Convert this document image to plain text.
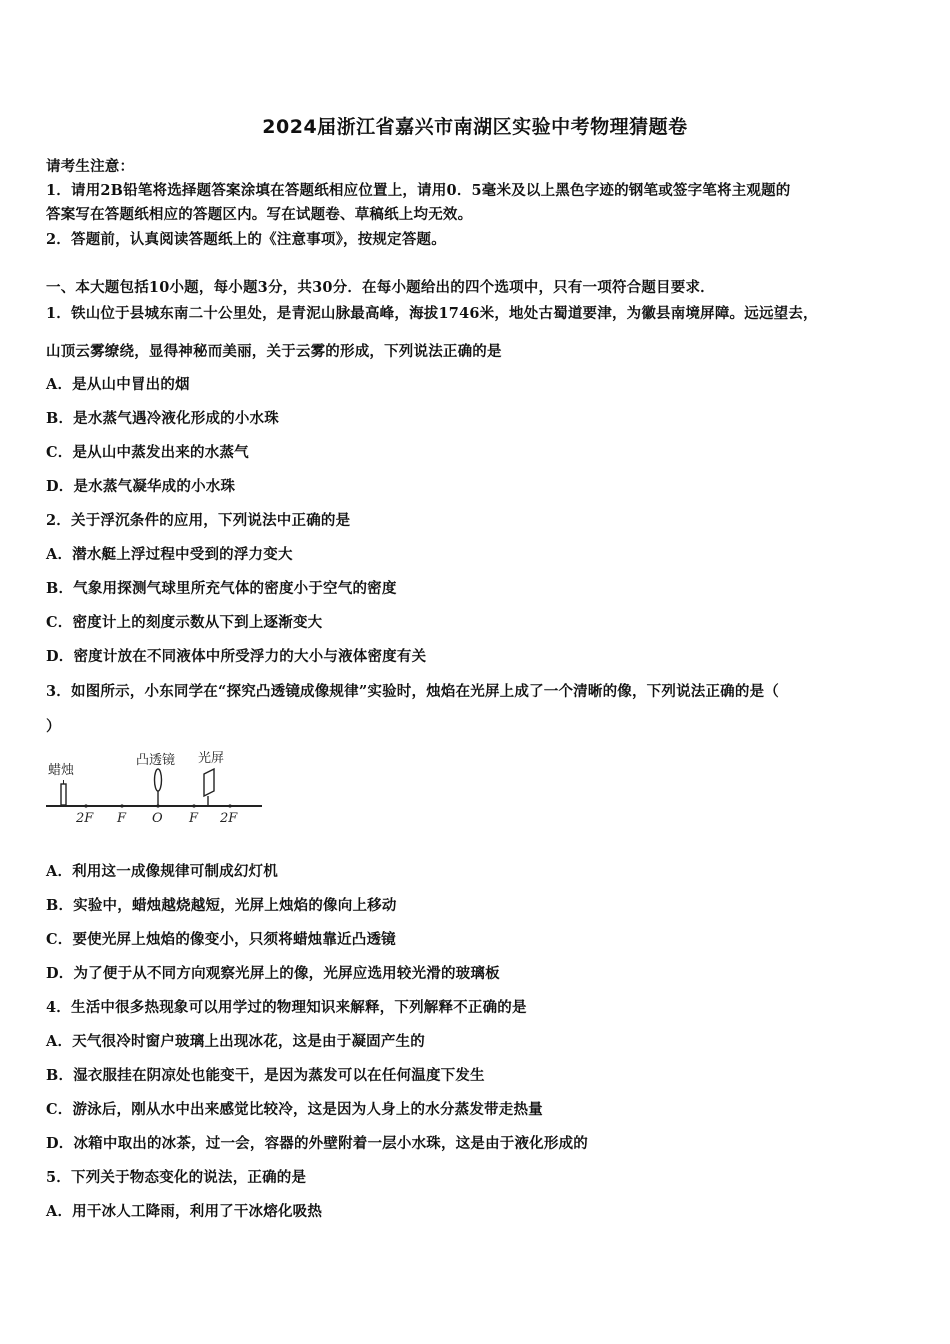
2024届浙江省嘉兴市南湖区实验中考物理猜题卷
请考生注意：
1．请用2B铅笔将选择题答案涂填在答题纸相应位置上，请用0．5毫米及以上黑色字迹的钢笔或签字笔将主观题的
答案写在答题纸相应的答题区内。写在试题卷、草稿纸上均无效。
2．答题前，认真阅读答题纸上的《注意事项》，按规定答题。
一、本大题包括10小题，每小题3分，共30分．在每小题给出的四个选项中，只有一项符合题目要求．
1．铁山位于县城东南二十公里处，是青泥山脉最高峰，海拔1746米，地处古蜀道要津，为徽县南境屏障。远远望去，
山顶云雾缭绕，显得神秘而美丽，关于云雾的形成，下列说法正确的是
A．是从山中冒出的烟
B．是水蒸气遇冷液化形成的小水珠
C．是从山中蒸发出来的水蒸气
D．是水蒸气凝华成的小水珠
2．关于浮沉条件的应用，下列说法中正确的是
A．潜水艇上浮过程中受到的浮力变大
B．气象用探测气球里所充气体的密度小于空气的密度
C．密度计上的刻度示数从下到上逐渐变大
D．密度计放在不同液体中所受浮力的大小与液体密度有关
3．如图所示，小东同学在“探究凸透镜成像规律”实验时，烛焰在光屏上成了一个清晰的像，下列说法正确的是（
）
蜡烛
凸透镜 光屏
2F F O F 2F
A．利用这一成像规律可制成幻灯机
B．实验中，蜡烛越烧越短，光屏上烛焰的像向上移动
C．要使光屏上烛焰的像变小，只须将蜡烛靠近凸透镜
D．为了便于从不同方向观察光屏上的像，光屏应选用较光滑的玻璃板
4．生活中很多热现象可以用学过的物理知识来解释，下列解释不正确的是
A．天气很冷时窗户玻璃上出现冰花，这是由于凝固产生的
B．湿衣服挂在阴凉处也能变干，是因为蒸发可以在任何温度下发生
C．游泳后，刚从水中出来感觉比较冷，这是因为人身上的水分蒸发带走热量
D．冰箱中取出的冰茶，过一会，容器的外壁附着一层小水珠，这是由于液化形成的
5．下列关于物态变化的说法，正确的是
A．用干冰人工降雨，利用了干冰熔化吸热
